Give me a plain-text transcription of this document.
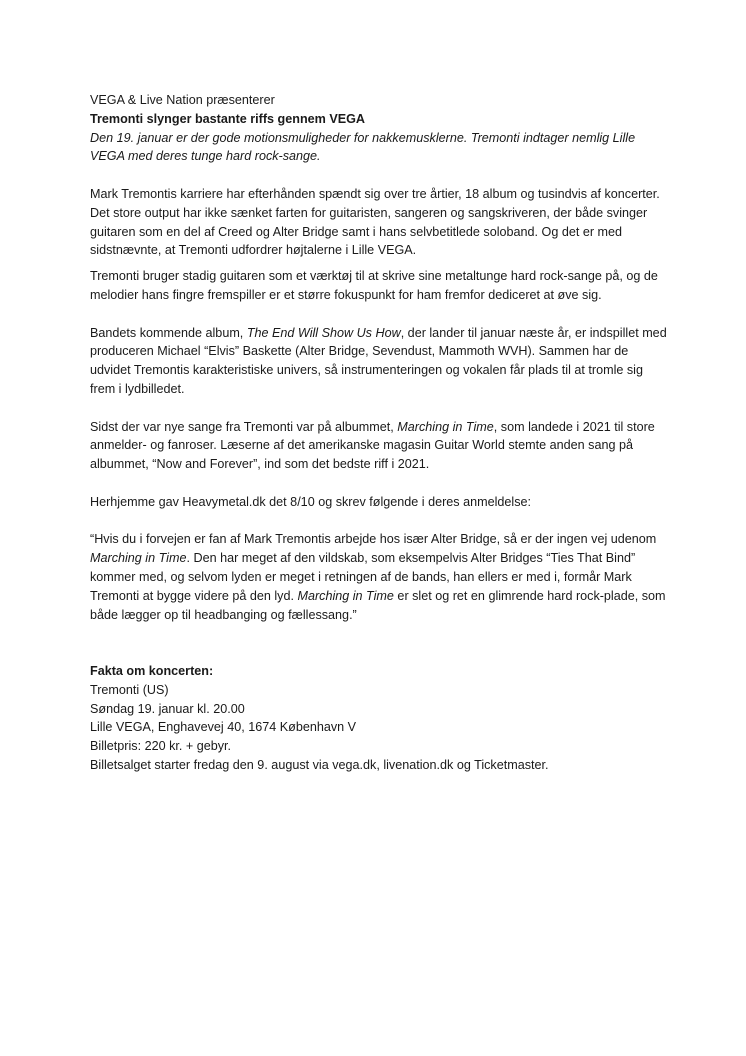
VEGA & Live Nation præsenterer

Tremonti slynger bastante riffs gennem VEGA

Den 19. januar er der gode motionsmuligheder for nakkemusklerne. Tremonti indtager nemlig Lille VEGA med deres tunge hard rock-sange.

Mark Tremontis karriere har efterhånden spændt sig over tre årtier, 18 album og tusindvis af koncerter. Det store output har ikke sænket farten for guitaristen, sangeren og sangskriveren, der både svinger guitaren som en del af Creed og Alter Bridge samt i hans selvbetitlede soloband. Og det er med sidstnævnte, at Tremonti udfordrer højtalerne i Lille VEGA.

Tremonti bruger stadig guitaren som et værktøj til at skrive sine metaltunge hard rock-sange på, og de melodier hans fingre fremspiller er et større fokuspunkt for ham fremfor dediceret at øve sig.

Bandets kommende album, The End Will Show Us How, der lander til januar næste år, er indspillet med produceren Michael “Elvis” Baskette (Alter Bridge, Sevendust, Mammoth WVH). Sammen har de udvidet Tremontis karakteristiske univers, så instrumenteringen og vokalen får plads til at tromle sig frem i lydbilledet.

Sidst der var nye sange fra Tremonti var på albummet, Marching in Time, som landede i 2021 til store anmelder- og fanroser. Læserne af det amerikanske magasin Guitar World stemte anden sang på albummet, “Now and Forever”, ind som det bedste riff i 2021.

Herhjemme gav Heavymetal.dk det 8/10 og skrev følgende i deres anmeldelse:

“Hvis du i forvejen er fan af Mark Tremontis arbejde hos især Alter Bridge, så er der ingen vej udenom Marching in Time. Den har meget af den vildskab, som eksempelvis Alter Bridges “Ties That Bind” kommer med, og selvom lyden er meget i retningen af de bands, han ellers er med i, formår Mark Tremonti at bygge videre på den lyd. Marching in Time er slet og ret en glimrende hard rock-plade, som både lægger op til headbanging og fællessang.”

Fakta om koncerten:

Tremonti (US)

Søndag 19. januar kl. 20.00

Lille VEGA, Enghavevej 40, 1674 København V

Billetpris: 220 kr. + gebyr.

Billetsalget starter fredag den 9. august via vega.dk, livenation.dk og Ticketmaster.
